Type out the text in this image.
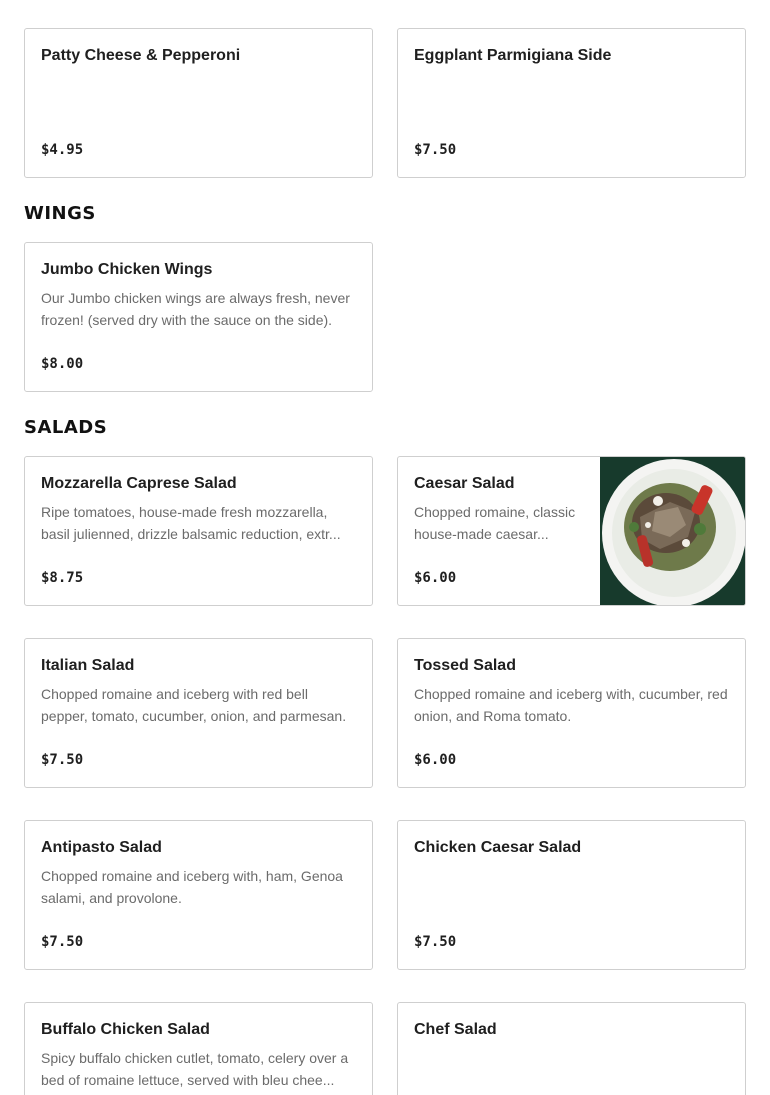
Patty Cheese & Pepperoni
$4.95
Eggplant Parmigiana Side
$7.50
WINGS
Jumbo Chicken Wings
Our Jumbo chicken wings are always fresh, never frozen! (served dry with the sauce on the side).
$8.00
SALADS
Mozzarella Caprese Salad
Ripe tomatoes, house-made fresh mozzarella, basil julienned, drizzle balsamic reduction, extr...
$8.75
Caesar Salad
Chopped romaine, classic house-made caesar...
$6.00
Italian Salad
Chopped romaine and iceberg with red bell pepper, tomato, cucumber, onion, and parmesan.
$7.50
Tossed Salad
Chopped romaine and iceberg with, cucumber, red onion, and Roma tomato.
$6.00
Antipasto Salad
Chopped romaine and iceberg with, ham, Genoa salami, and provolone.
$7.50
Chicken Caesar Salad
$7.50
Buffalo Chicken Salad
Spicy buffalo chicken cutlet, tomato, celery over a bed of romaine lettuce, served with bleu chee...
Chef Salad
